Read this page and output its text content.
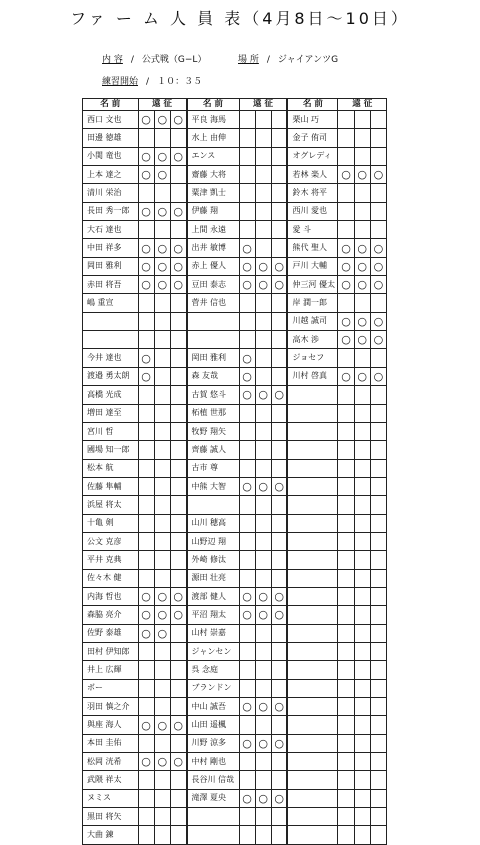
ファ ー ム 人 員 表（4月8日～10日）
内 容 / 公式戦（G−L）	場 所 / ジャイアンツG
練習開始 / １０：３５
名 前	遠 征			名 前	遠 征			名 前	遠 征		
西口 文也	○	○	○	平良 海馬				栗山 巧			
田邊 徳雄				水上 由伸				金子 侑司			
小関 竜也	○	○	○	エンス				オグレディ			
上本 達之	○	○		齋藤 大将				若林 楽人	○	○	○
清川 栄治				粟津 凱士				鈴木 将平			
長田 秀一郎	○	○	○	伊藤 翔				西川 愛也			
大石 達也				上間 永遠				愛 斗			
中田 祥多	○	○	○	出井 敏博	○			熊代 聖人	○	○	○
岡田 雅利	○	○	○	赤上 優人	○	○	○	戸川 大輔	○	○	○
赤田 将吾	○	○	○	豆田 泰志	○	○	○	仲三河 優太	○	○	○
嶋 重宣				菅井 信也				岸 潤一郎			
								川越 誠司	○	○	○
								高木 渉	○	○	○
今井 達也	○			岡田 雅利	○			ジョセフ			
渡邉 勇太朗	○			森 友哉	○			川村 啓真	○	○	○
高橋 光成				古賀 悠斗	○	○	○				
増田 達至				柘植 世那							
宮川 哲				牧野 翔矢							
國場 知一郎				齊藤 誠人							
松本 航				古市 尊							
佐藤 隼輔				中熊 大智	○	○	○				
浜屋 将太											
十亀 剣				山川 穂高							
公文 克彦				山野辺 翔							
平井 克典				外崎 修汰							
佐々木 健				源田 壮亮							
内海 哲也	○	○	○	渡部 健人	○	○	○				
森脇 亮介	○	○	○	平沼 翔太	○	○	○				
佐野 泰雄	○	○		山村 崇嘉							
田村 伊知郎				ジャンセン							
井上 広輝				呉 念庭							
ボー				ブランドン							
羽田 慎之介				中山 誠吾	○	○	○				
與座 海人	○	○	○	山田 遥楓							
本田 圭佑				川野 涼多	○	○	○				
松岡 洸希	○	○	○	中村 剛也							
武隈 祥太				長谷川 信哉							
ヌミス				滝澤 夏央	○	○	○				
黒田 将矢											
大曲 錬											
